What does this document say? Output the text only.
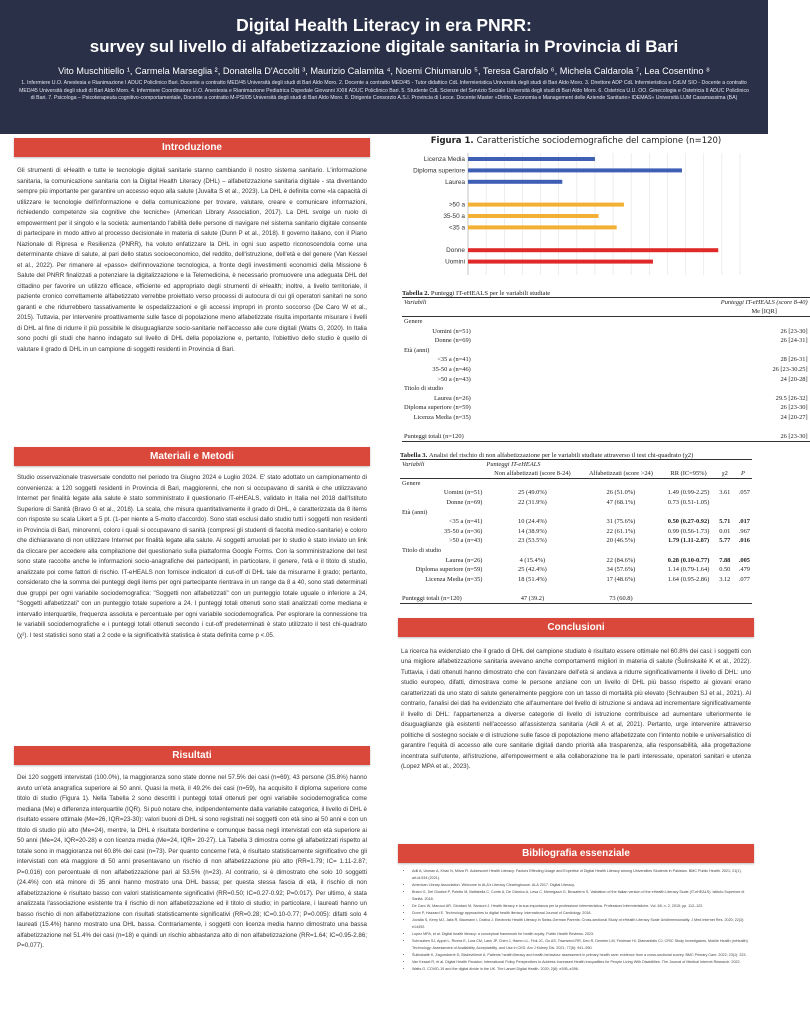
Digital Health Literacy in era PNRR:
survey sul livello di alfabetizzazione digitale sanitaria in Provincia di Bari
Vito Muschitiello ¹, Carmela Marseglia ², Donatella D'Accolti ³, Maurizio Calamita ⁴, Noemi Chiumarulo ⁵, Teresa Garofalo ⁶, Michela Caldarola ⁷, Lea Cosentino ⁸
1. Infermiere U.O. Anestesia e Rianimazione I ADUC Policlinico Bari. Docente a contratto MED/45 Università degli studi di Bari Aldo Moro. 2. Docente a contratto MED/45 - Tutor didattico CdL Infermieristica Università degli studi di Bari Aldo Moro. 3. Direttore ADP CdL Infermieristica e CdLM SIO - Docente a contratto MED/45 Università degli studi di Bari Aldo Moro. 4. Infermiere Coordinatore U.O. Anestesia e Rianimazione Pediatrica Ospedale Giovanni XXIII ADUC Policlinico Bari. 5. Studente CdL Scienze del Servizio Sociale Università degli studi di Bari Aldo Moro. 6. Ostetrica U.U. OO. Ginecologia e Ostetricia II ADUC Policlinico di Bari. 7. Psicologa – Psicoterapeuta cognitivo-comportamentale, Docente a contratto M-PSI/05 Università degli studi di Bari Aldo Moro. 8. Dirigente Consorzio A.S.I. Provincia di Lecce. Docente Master «Diritto, Economia e Management delle Aziende Sanitarie» IDEMAS» Università LUM Casamassima (BA)
Introduzione
Gli strumenti di eHealth e tutte le tecnologie digitali sanitarie stanno cambiando il nostro sistema sanitario. L'informazione sanitaria, la comunicazione sanitaria con la Digital Health Literacy (DHL) – alfabetizzazione sanitaria digitale - sta diventando sempre più importante per garantire un accesso equo alla salute (Juvalta S et al., 2023). La DHL è definita come «la capacità di utilizzare le tecnologie dell'informazione e della comunicazione per trovare, valutare, creare e comunicare informazioni, richiedendo competenze sia cognitive che tecniche» (American Library Association, 2017). La DHL svolge un ruolo di empowerment per il singolo e la società: aumentando l'abilità delle persone di navigare nel sistema sanitario digitale consente di partecipare in modo attivo al processo decisionale in materia di salute (Dunn P et al., 2018). Il governo italiano, con il Piano Nazionale di Ripresa e Resilienza (PNRR), ha voluto enfatizzare la DHL in ogni suo aspetto riconoscendola come una determinante chiave di salute, al pari dello status socioeconomico, del reddito, dell'istruzione, dell'età e del genere (Van Kessel et al., 2022). Per rimanere al «passo» dell'innovazione tecnologica, a fronte degli investimenti economici della Missione 6 Salute del PNRR finalizzati a potenziare la digitalizzazione e la Telemedicina, è necessario promuovere una adeguata DHL del cittadino per favorire un utilizzo efficace, efficiente ed appropriato degli strumenti di eHealth; inoltre, a livello territoriale, il paziente cronico correttamente alfabetizzato verrebbe proiettato verso processi di autocura di cui gli operatori sanitari ne sono garanti e che ridurrebbero tassativamente le ospedalizzazioni e gli accessi impropri in pronto soccorso (De Caro W et al., 2015). Tuttavia, per intervenire proattivamente sulle fasce di popolazione meno alfabetizzate risulta importante misurare i livelli di DHL al fine di ridurre il più possibile le disuguaglianze socio-sanitarie nell'accesso alle cure digitali (Watts G, 2020). In Italia sono pochi gli studi che hanno indagato sul livello di DHL della popolazione e, pertanto, l'obiettivo dello studio è quello di valutare il grado di DHL in un campione di soggetti residenti in Provincia di Bari.
Materiali e Metodi
Studio osservazionale trasversale condotto nel periodo tra Giugno 2024 e Luglio 2024. E' stato adottato un campionamento di convenienza: a 120 soggetti residenti in Provincia di Bari, maggiorenni, che non si occupavano di sanità e che utilizzavano Internet per finalità legate alla salute è stato somministrato il questionario IT-eHEALS, validato in Italia nel 2018 dall'Istituto Superiore di Sanità (Bravo G et al., 2018). La scala, che misura quantitativamente il grado di DHL, è caratterizzata da 8 items con risposte su scala Likert a 5 pt. (1-per niente a 5-molto d'accordo). Sono stati esclusi dallo studio tutti i soggetti non residenti in Provincia di Bari, minorenni, coloro i quali si occupavano di sanità (compresi gli studenti di facoltà medico-sanitarie) e coloro che dichiaravano di non utilizzare Internet per finalità legate alla salute. Ai soggetti arruolati per lo studio è stato inviato un link da cliccare per accedere alla compilazione del questionario sulla piattaforma Google Forms. Con la somministrazione del test sono state raccolte anche le informazioni socio-anagrafiche dei partecipanti, in particolare, il genere, l'età e il titolo di studio, analizzate poi come fattori di rischio. IT-eHEALS non fornisce indicatori di cut-off di DHL tale da misurarne il grado; pertanto, considerato che la somma dei punteggi degli items per ogni partecipante rientrava in un range da 8 a 40, sono stati determinati due gruppi per ogni variabile sociodemografica: "Soggetti non alfabetizzati" con un punteggio totale uguale o inferiore a 24, "Soggetti alfabetizzati" con un punteggio totale superiore a 24. I punteggi totali ottenuti sono stati analizzati come mediana e intervallo interquartile, frequenza assoluta e percentuale per ogni variabile sociodemografica. Per esplorare la connessione tra le variabili sociodemografiche e i punteggi totali ottenuti secondo i cut-off predeterminati è stato utilizzato il test chi-quadrato (χ²). I test statistici sono stati a 2 code e la significatività statistica è stata definita come p <.05.
Risultati
Dei 120 soggetti intervistati (100.0%), la maggioranza sono state donne nel 57.5% dei casi (n=69); 43 persone (35.8%) hanno avuto un'età anagrafica superiore ai 50 anni. Quasi la metà, il 49.2% dei casi (n=59), ha acquisito il diploma superiore come titolo di studio (Figura 1). Nella Tabella 2 sono descritti i punteggi totali ottenuti per ogni variabile sociodemografica come mediana (Me) e differenza interquartile (IQR). Si può notare che, indipendentemente dalla variabile categorica, il livello di DHL è risultato essere ottimale (Me=26, IQR=23-30): valori buoni di DHL si sono registrati nei soggetti con età sino ai 50 anni e con un titolo di studio più alto (Me=24), mentre, la DHL è risultata borderline e comunque bassa negli intervistati con età superiore ai 50 anni (Me=24, IQR=20-28) e con licenza media (Me=24, IQR= 20-27). La Tabella 3 dimostra come gli alfabetizzati rispetto al totale sono in maggioranza nel 60.8% dei casi (n=73). Per quanto concerne l'età, è risultato statisticamente significativo che gli intervistati con età maggiore di 50 anni presentavano un rischio di non alfabetizzazione più alto (RR=1.79; IC= 1.11-2.87; P=0.016) con percentuale di non alfabetizzazione pari al 53.5% (n=23). Al contrario, si è dimostrato che solo 10 soggetti (24.4%) con età minore di 35 anni hanno mostrato una DHL bassa; per questa stessa fascia di età, il rischio di non alfabetizzazione è risultato basso con valori statisticamente significativi (RR=0.50; IC=0.27-0.92; P=0.017). Per ultimo, è stata analizzata l'associazione esistente tra il rischio di non alfabetizzazione ed il titolo di studio; in particolare, i laureati hanno un basso rischio di non alfabetizzazione con risultati statisticamente significativi (RR=0.28; IC=0.10-0.77; P=0.005): difatti solo 4 laureati (15.4%) hanno mostrato una DHL bassa. Contrariamente, i soggetti con licenza media hanno dimostrato una bassa alfabetizzazione nel 51.4% dei casi (n=18) e quindi un rischio abbastanza alto di non alfabetizzazione (RR=1.64; IC=0.95-2.86; P=0.077).
Figura 1. Caratteristiche sociodemografiche del campione (n=120)
Licenza Media
Diploma superiore
Laurea
>50 a
35-50 a
<35 a
Donne
Uomini
Tabella 2. Punteggi IT-eHEALS per le variabili studiate
Variabili	Punteggi IT-eHEALS (score 8-40)
	Me [IQR]
Genere	
Uomini (n=51)	26 [23-30]
Donne (n=69)	26 [24-31]
Età (anni)	
<35 a (n=41)	28 [26-31]
35-50 a (n=46)	26 [23-30.25]
>50 a (n=43)	24 [20-28]
Titolo di studio	
Laurea (n=26)	29.5 [26-32]
Diploma superiore (n=59)	26 [23-30]
Licenza Media (n=35)	24 [20-27]

Punteggi totali (n=120)	26 [23-30]
Tabella 3. Analisi del rischio di non alfabetizzazione per le variabili studiate attraverso il test chi-quadrato (χ2)
Variabili	Punteggi IT-eHEALS				
	Non alfabetizzati (score 8-24)	Alfabetizzati (score >24)	RR (IC=95%)	χ2	P
Genere					
Uomini (n=51)	25 (49.0%)	26 (51.0%)	1.49 (0.99-2.25)	3.61	.057
Donne (n=69)	22 (31.9%)	47 (68.1%)	0.73 (0.51-1.05)		
Età (anni)					
<35 a (n=41)	10 (24.4%)	31 (75.6%)	0.50 (0.27-0.92)	5.71	.017
35-50 a (n=36)	14 (38.9%)	22 (61.1%)	0.99 (0.56-1.73)	0.01	.967
>50 a (n=43)	23 (53.5%)	20 (46.5%)	1.79 (1.11-2.87)	5.77	.016
Titolo di studio					
Laurea (n=26)	4 (15.4%)	22 (84.6%)	0.28 (0.10-0.77)	7.88	.005
Diploma superiore (n=59)	25 (42.4%)	34 (57.6%)	1.14 (0.79-1.64)	0.50	.479
Licenza Media (n=35)	18 (51.4%)	17 (48.6%)	1.64 (0.95-2.86)	3.12	.077

Punteggi totali (n=120)	47 (39.2)	73 (60.8)			
Conclusioni
La ricerca ha evidenziato che il grado di DHL del campione studiato è risultato essere ottimale nel 60.8% dei casi: i soggetti con una migliore alfabetizzazione sanitaria avevano anche comportamenti migliori in materia di salute (Šulinskaitė K et al., 2022). Tuttavia, i dati ottenuti hanno dimostrato che con l'avanzare dell'età si andava a ridurre significativamente il livello di DHL: uno studio europeo, difatti, dimostrava come le persone anziane con un livello di DHL più basso rispetto ai giovani erano caratterizzati da uno stato di salute generalmente peggiore con un tasso di mortalità più elevato (Schrauben SJ et al., 2021). Al contrario, l'analisi dei dati ha evidenziato che all'aumentare del livello di istruzione si andava ad incrementare significativamente il livello di DHL: l'appartenenza a diverse categorie di livello di istruzione contribuisce ad aumentare ulteriormente le disuguaglianze già esistenti nell'accesso all'assistenza sanitaria (Adil A et al, 2021). Pertanto, urge intervenire attraverso politiche di sostegno sociale e di istruzione sulle fasce di popolazione meno alfabetizzate con l'intento nobile e universalistico di garantire l'equità di accesso alle cure sanitarie digitali dando priorità alla trasparenza, alla responsabilità, alla progettazione incentrata sull'utente, all'istruzione, all'empowerment e alla collaborazione tra le parti interessate, operatori sanitari e utenza (Lopez MPA et al., 2023).
Bibliografia essenziale
• Adil A, Usman A, Khan N, Mirza FI. Adolescent Health Literacy: Factors Effecting Usage and Expertise of Digital Health Literacy among Universities Students in Pakistan. BMC Public Health. 2021; 21(1), art.id:534 (2021).
• American Library Association. Welcome to ALA's Literacy Clearinghouse. ALA 2017. Digital Literacy.
• Bravo G, Del Giudice P, Poletto M, Battistella C, Conte A, De Odorico A, Lesa C, Menegazzi G, Brusaferro S. Validation of the Italian version of the eHealth Literacy Scale (IT-eHEALS). Istituto Superiore di Sanità. 2018.
• De Caro W, Marucci AR, Giordani M, Sansoni J. Health literacy e la sua importanza per la professione infermieristica. Professioni Infermieristiche. Vol. 68, n. 2, 2015: pp. 112–122.
• Dunn P, Hazzard E. Technology approaches to digital health literacy. International Journal of Cardiology. 2018.
• Juvalta S, Kerry MJ, Jaks R, Baumann I, Dratva J. Electronic Health Literacy in Swiss-German Parents: Cross-sectional Study of eHealth Literacy Scale Unidimensionality. J Med Internet Res. 2020; 22(3): e14492.
• Lopez MPA, et al. Digital health literacy: a conceptual framework for health equity. Public Health Reviews. 2023.
• Schrauben SJ, Appel L, Rivera E, Lora CM, Lash JP, Chen J, Hamm LL, Fink JC, Go AS, Townsend RR, Deo R, Dember LM, Feldman HI, Diamantidis CJ; CRIC Study Investigators. Mobile Health (mHealth) Technology: Assessment of Availability, Acceptability, and Use in CKD. Am J Kidney Dis. 2021; 77(6): 941–950.
• Šulinskaitė K, Zagurskienė D, Blaževičienė A. Patients' health literacy and health behaviour assessment in primary health care: evidence from a cross-sectional survey. BMC Primary Care. 2022; 23(1): 223.
• Van Kessel R, et al. Digital Health Paradox: International Policy Perspectives to Address Increased Health Inequalities for People Living With Disabilities. The Journal of Medical Internet Research. 2022.
• Watts G. COVID-19 and the digital divide in the UK. The Lancet Digital Health. 2020; 2(8): e395–e396.
